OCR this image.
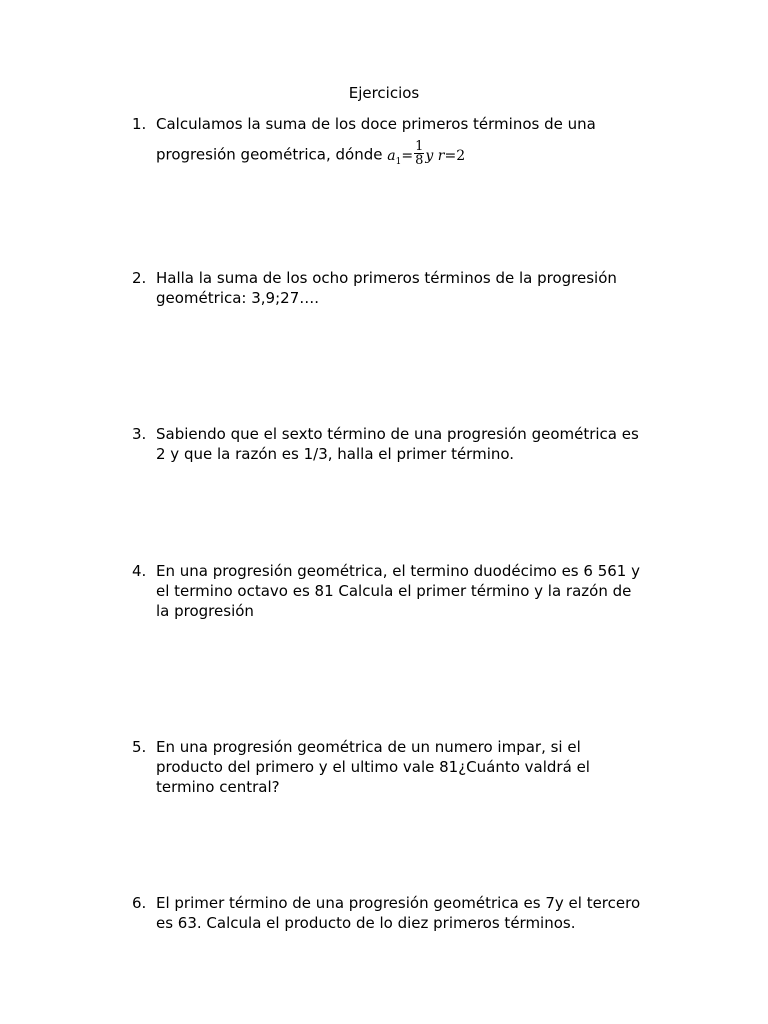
Ejercicios
1. Calculamos la suma de los doce primeros términos de una
progresión geométrica, dónde $a_1= \frac{1}{8}$ y r=2
2. Halla la suma de los ocho primeros términos de la progresión
geométrica: 3,9;27….
3. Sabiendo que el sexto término de una progresión geométrica es
2 y que la razón es 1/3, halla el primer término.
4. En una progresión geométrica, el termino duodécimo es 6 561 y
el termino octavo es 81 Calcula el primer término y la razón de
la progresión
5. En una progresión geométrica de un numero impar, si el
producto del primero y el ultimo vale 81¿Cuánto valdrá el
termino central?
6. El primer término de una progresión geométrica es 7y el tercero
es 63. Calcula el producto de lo diez primeros términos.
